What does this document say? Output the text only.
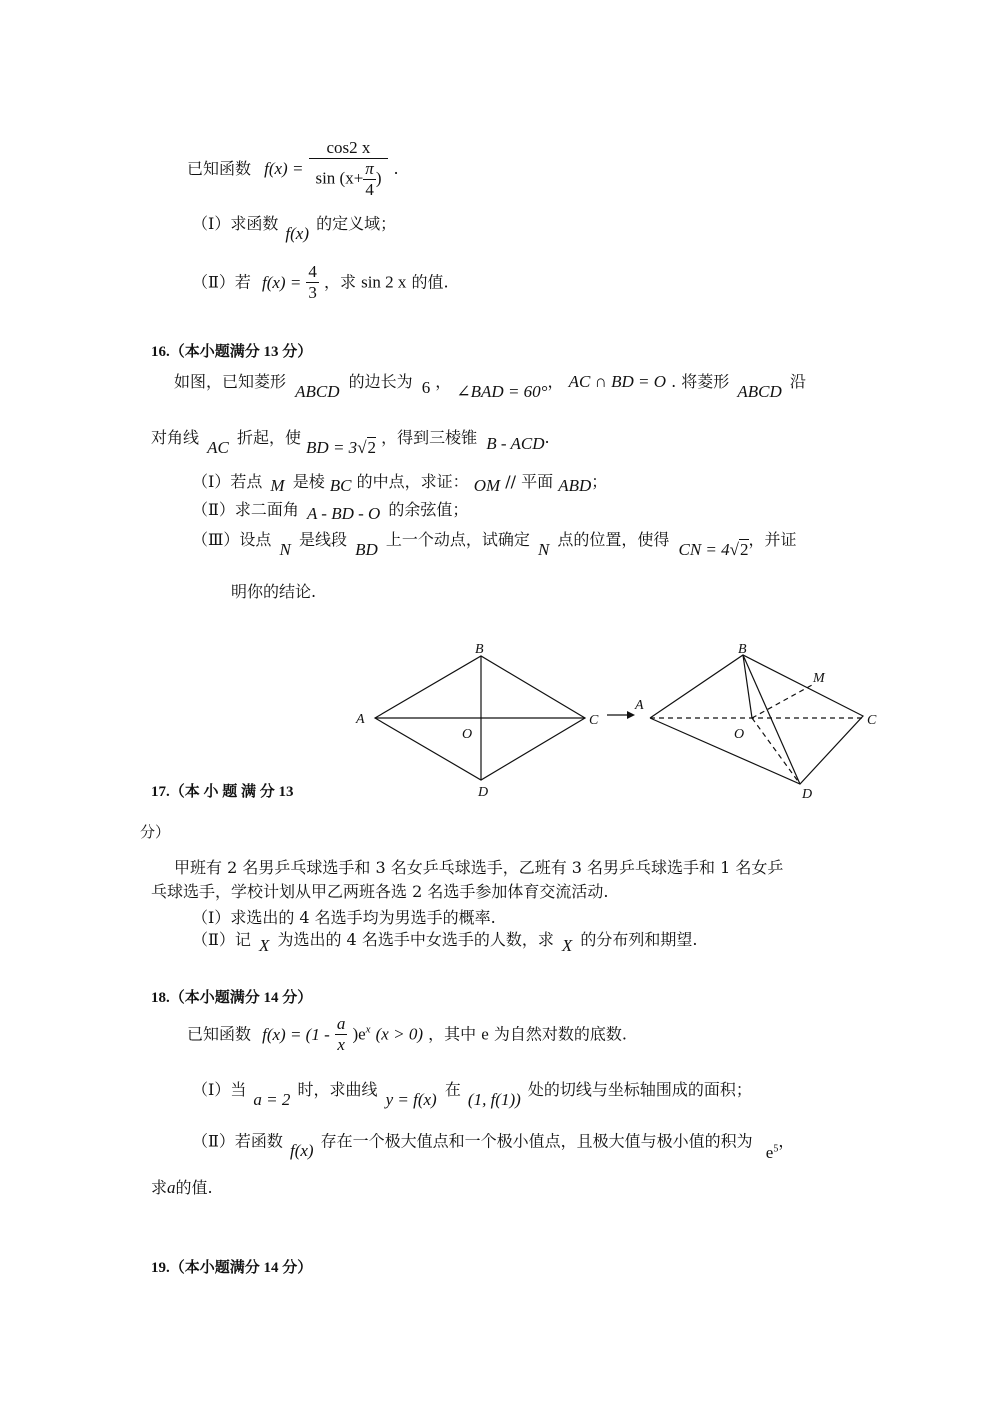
已知函数 $f(x) = \frac{\cos 2 x}{\sin (x+ \frac{\pi}{4} )}$ .
（Ⅰ）求函数 f(x) 的定义域；
（Ⅱ）若 $f(x) = \frac{4}{3}$ ，求 sin 2 x 的值.
16.（本小题满分 13 分）
如图，已知菱形 ABCD 的边长为 6 ， ∠BAD = 60°， AC ∩ BD = O . 将菱形 ABCD 沿
对角线 AC 折起，使 BD = 3√2 ，得到三棱锥 B - ACD.
（Ⅰ）若点 M 是棱 BC 的中点，求证： OM // 平面 ABD；
（Ⅱ）求二面角 A - BD - O 的余弦值；
（Ⅲ）设点 N 是线段 BD 上一个动点，试确定 N 点的位置，使得 CN = 4√2，并证
明你的结论.
A
B
C
D
O
A
B
C
D
O
M
17.（本 小 题 满 分 13
分）
甲班有 2 名男乒乓球选手和 3 名女乒乓球选手，乙班有 3 名男乒乓球选手和 1 名女乒
乓球选手，学校计划从甲乙两班各选 2 名选手参加体育交流活动.
（Ⅰ）求选出的 4 名选手均为男选手的概率.
（Ⅱ）记 X 为选出的 4 名选手中女选手的人数，求 X 的分布列和期望.
18.（本小题满分 14 分）
已知函数 $f(x) = (1 - \frac{a}{x} )e^x$ (x > 0) ，其中 e 为自然对数的底数.
（Ⅰ）当 a = 2 时，求曲线 y = f(x) 在 (1, f(1)) 处的切线与坐标轴围成的面积；
（Ⅱ）若函数 f(x) 存在一个极大值点和一个极小值点，且极大值与极小值的积为 $e^5$，
求a的值.
19.（本小题满分 14 分）
